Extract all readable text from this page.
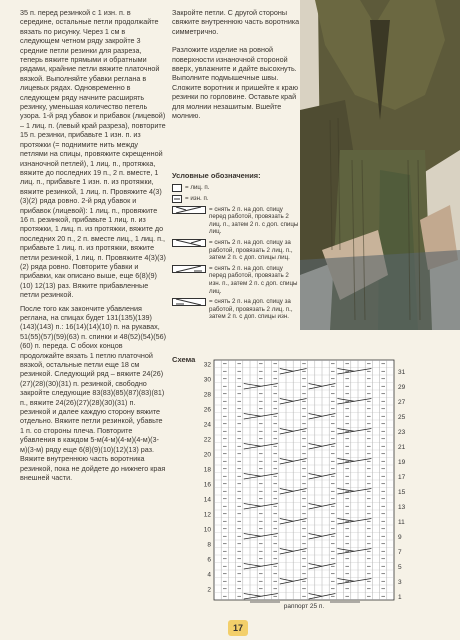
35 п. перед резинкой с 1 изн. п. в середине, остальные петли продолжайте вязать по рисунку. Через 1 см в следующем четном ряду закройте 3 средние петли резинки для разреза, теперь вяжите прямыми и обратными рядами, крайние петли вяжите платочной вязкой. Выполняйте убавки реглана в лицевых рядах. Одновременно в следующем ряду начните расширять резинку, уменьшая количество петель узора. 1-й ряд убавок и прибавок (лицевой) – 1 лиц. п. (левый край разреза), повторите 15 п. резинки, прибавьте 1 изн. п. из протяжки (= поднимите нить между петлями на спицы, провяжите скрещенной изнаночной петлей), 1 лиц. п., протяжка, вяжите до последних 19 п., 2 п. вместе, 1 лиц. п., прибавьте 1 изн. п. из протяжки, вяжите резинкой, 1 лиц. п. Провяжите 4(3)(3)(2) ряда ровно. 2-й ряд убавок и прибавок (лицевой): 1 лиц. п., провяжите 16 п. резинкой, прибавьте 1 лиц. п. из протяжки, 1 лиц. п. из протяжки, вяжите до последних 20 п., 2 п. вместе лиц., 1 лиц. п., прибавьте 1 лиц. п. из протяжки, вяжите петли резинкой, 1 лиц. п. Провяжите 4(3)(3)(2) ряда ровно. Повторите убавки и прибавки, как описано выше, еще 6(8)(9)(10) 12(13) раз. Вяжите прибавленные петли резинкой.

После того как закончите убавления реглана, на спицах будет 131(135)(139)(143)(143) п.: 16(14)(14)(10) п. на рукавах, 51(55)(57)(59)(63) п. спинки и 48(52)(54)(56)(60) п. переда. С обоих концов продолжайте вязать 1 петлю платочной вязкой, остальные петли еще 18 см резинкой. Следующий ряд – вяжите 24(26)(27)(28)(30)(31) п. резинкой, свободно закройте следующие 83(83)(85)(87)(83)(81) п., вяжите 24(26)(27)(28)(30)(31) п. резинкой и далее каждую сторону вяжите отдельно. Вяжите петли резинкой, убавьте 1 п. со стороны плеча. Повторите убавления в каждом 5-м(4-м)(4-м)(4-м)(3-м)(3-м) ряду еще 6(8)(9)(10)(12)(13) раз. Вяжите внутреннюю часть воротника резинкой, пока не дойдете до нижнего края внешней части.

Закройте петли. С другой стороны свяжите внутреннюю часть воротника симметрично.

Разложите изделие на ровной поверхности изнаночной стороной вверх, увлажните и дайте высохнуть. Выполните подмышечные швы. Сложите воротник и пришейте к краю резинки по горловине. Оставьте край для молнии незашитым. Вшейте молнию.

Условные обозначения:
= лиц. п.
= изн. п.
= снять 2 п. на доп. спицу перед работой, провязать 2 лиц. п., затем 2 п. с доп. спицы лиц.
= снять 2 п. на доп. спицу за работой, провязать 2 лиц. п., затем 2 п. с доп. спицы лиц.
= снять 2 п. на доп. спицу перед работой, провязать 2 изн. п., затем 2 п. с доп. спицы лиц.
= снять 2 п. на доп. спицу за работой, провязать 2 лиц. п., затем 2 п. с доп. спицы изн.
Схема
32
30
28
26
24
22
20
18
16
14
12
10
8
6
4
2
31
29
27
25
23
21
19
17
15
13
11
9
7
5
3
1
раппорт 25 п.
17
